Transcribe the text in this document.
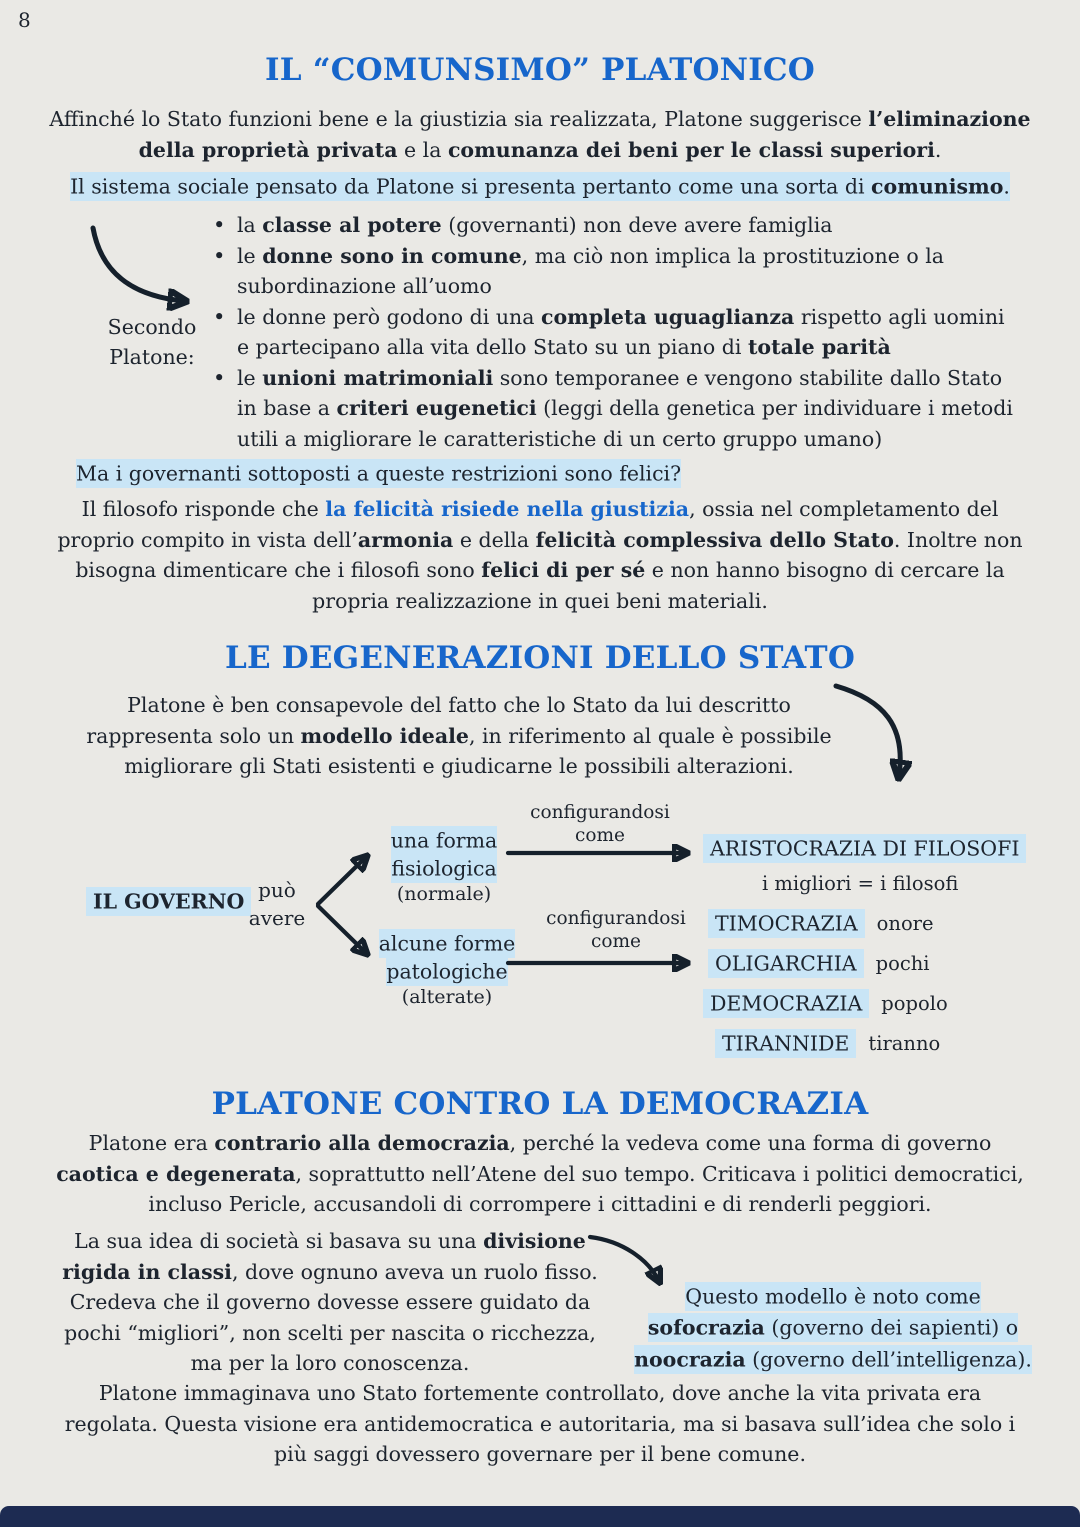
8
IL “COMUNSIMO” PLATONICO
Affinché lo Stato funzioni bene e la giustizia sia realizzata, Platone suggerisce l’eliminazione della proprietà privata e la comunanza dei beni per le classi superiori.
Il sistema sociale pensato da Platone si presenta pertanto come una sorta di comunismo.
Secondo Platone:
• la classe al potere (governanti) non deve avere famiglia
• le donne sono in comune, ma ciò non implica la prostituzione o la subordinazione all’uomo
• le donne però godono di una completa uguaglianza rispetto agli uomini e partecipano alla vita dello Stato su un piano di totale parità
• le unioni matrimoniali sono temporanee e vengono stabilite dallo Stato in base a criteri eugenetici (leggi della genetica per individuare i metodi utili a migliorare le caratteristiche di un certo gruppo umano)
Ma i governanti sottoposti a queste restrizioni sono felici?
Il filosofo risponde che la felicità risiede nella giustizia, ossia nel completamento del proprio compito in vista dell’armonia e della felicità complessiva dello Stato. Inoltre non bisogna dimenticare che i filosofi sono felici di per sé e non hanno bisogno di cercare la propria realizzazione in quei beni materiali.
LE DEGENERAZIONI DELLO STATO
Platone è ben consapevole del fatto che lo Stato da lui descritto rappresenta solo un modello ideale, in riferimento al quale è possibile migliorare gli Stati esistenti e giudicarne le possibili alterazioni.
IL GOVERNO può avere
una forma fisiologica
(normale)
alcune forme patologiche
(alterate)
configurandosi come
configurandosi come
ARISTOCRAZIA DI FILOSOFI
i migliori = i filosofi
TIMOCRAZIA onore
OLIGARCHIA pochi
DEMOCRAZIA popolo
TIRANNIDE tiranno
PLATONE CONTRO LA DEMOCRAZIA
Platone era contrario alla democrazia, perché la vedeva come una forma di governo caotica e degenerata, soprattutto nell’Atene del suo tempo. Criticava i politici democratici, incluso Pericle, accusandoli di corrompere i cittadini e di renderli peggiori.
La sua idea di società si basava su una divisione rigida in classi, dove ognuno aveva un ruolo fisso. Credeva che il governo dovesse essere guidato da pochi “migliori”, non scelti per nascita o ricchezza, ma per la loro conoscenza.
Questo modello è noto come
sofocrazia (governo dei sapienti) o
noocrazia (governo dell’intelligenza).
Platone immaginava uno Stato fortemente controllato, dove anche la vita privata era regolata. Questa visione era antidemocratica e autoritaria, ma si basava sull’idea che solo i più saggi dovessero governare per il bene comune.
